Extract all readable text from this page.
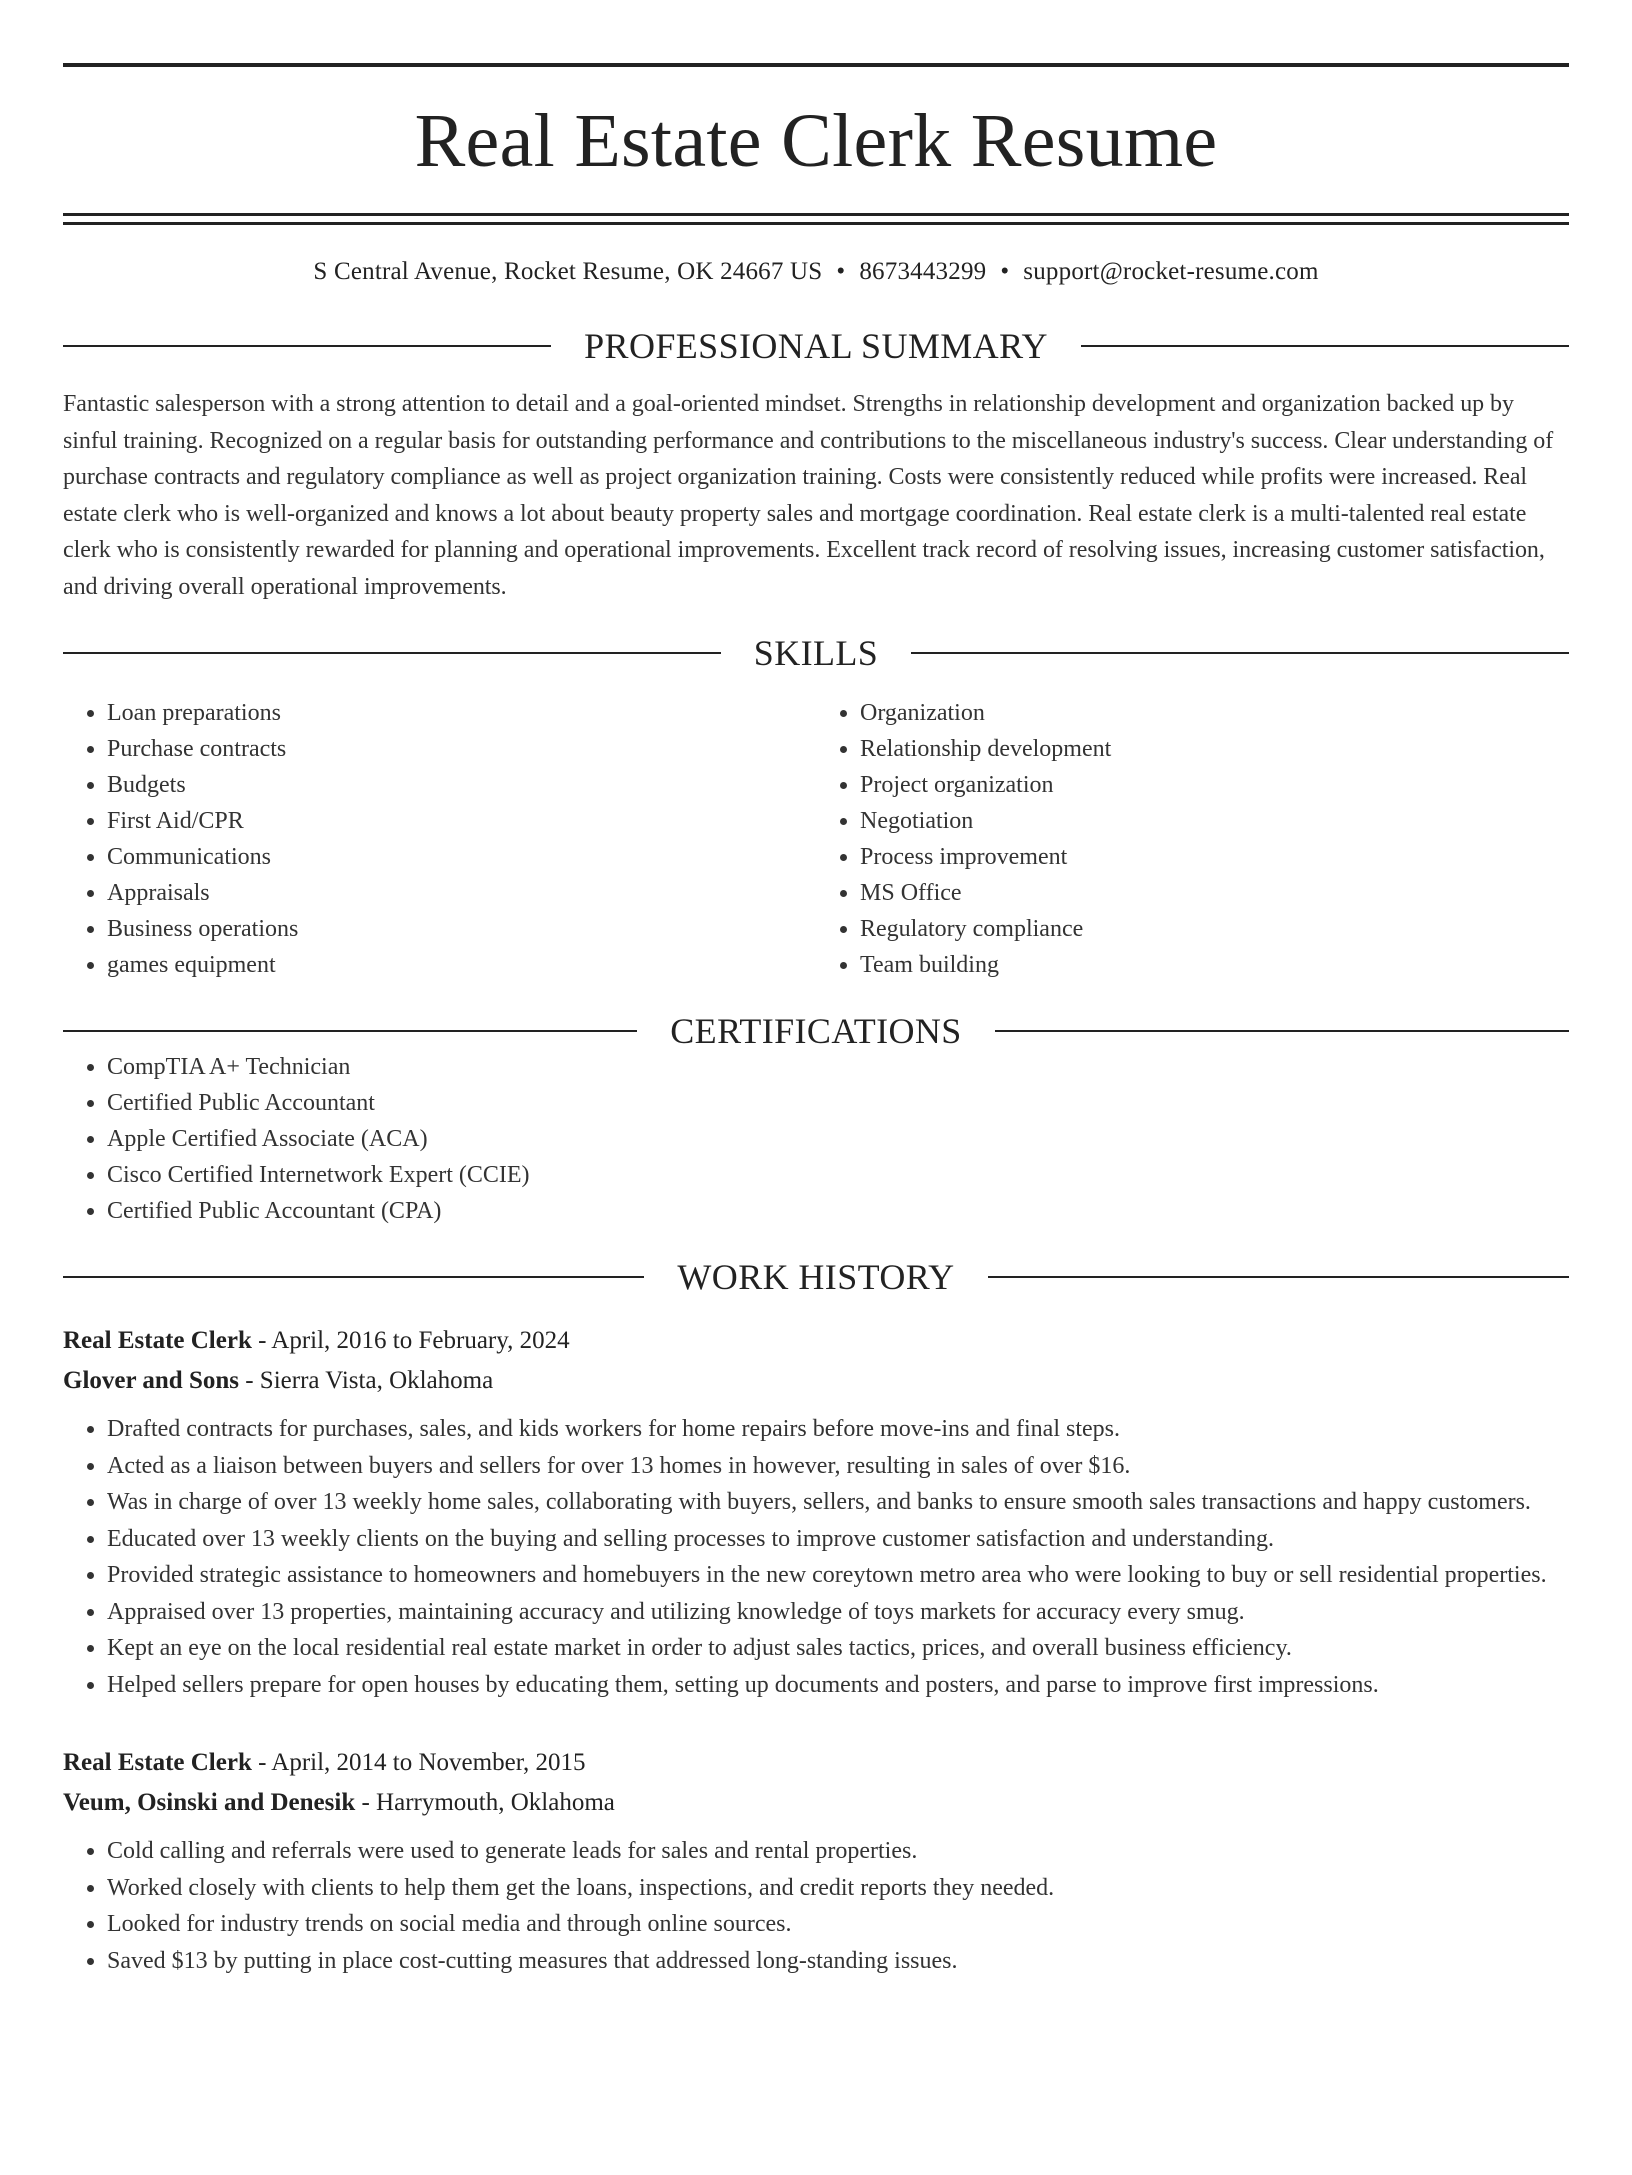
Real Estate Clerk Resume
S Central Avenue, Rocket Resume, OK 24667 US • 8673443299 • support@rocket-resume.com
PROFESSIONAL SUMMARY

Fantastic salesperson with a strong attention to detail and a goal-oriented mindset. Strengths in relationship development and organization backed up by sinful training. Recognized on a regular basis for outstanding performance and contributions to the miscellaneous industry's success. Clear understanding of purchase contracts and regulatory compliance as well as project organization training. Costs were consistently reduced while profits were increased. Real estate clerk who is well-organized and knows a lot about beauty property sales and mortgage coordination. Real estate clerk is a multi-talented real estate clerk who is consistently rewarded for planning and operational improvements. Excellent track record of resolving issues, increasing customer satisfaction, and driving overall operational improvements.

SKILLS
• Loan preparations
• Purchase contracts
• Budgets
• First Aid/CPR
• Communications
• Appraisals
• Business operations
• games equipment
• Organization
• Relationship development
• Project organization
• Negotiation
• Process improvement
• MS Office
• Regulatory compliance
• Team building
CERTIFICATIONS
• CompTIA A+ Technician
• Certified Public Accountant
• Apple Certified Associate (ACA)
• Cisco Certified Internetwork Expert (CCIE)
• Certified Public Accountant (CPA)
WORK HISTORY
Real Estate Clerk - April, 2016 to February, 2024
Glover and Sons - Sierra Vista, Oklahoma
• Drafted contracts for purchases, sales, and kids workers for home repairs before move-ins and final steps.
• Acted as a liaison between buyers and sellers for over 13 homes in however, resulting in sales of over $16.
• Was in charge of over 13 weekly home sales, collaborating with buyers, sellers, and banks to ensure smooth sales transactions and happy customers.
• Educated over 13 weekly clients on the buying and selling processes to improve customer satisfaction and understanding.
• Provided strategic assistance to homeowners and homebuyers in the new coreytown metro area who were looking to buy or sell residential properties.
• Appraised over 13 properties, maintaining accuracy and utilizing knowledge of toys markets for accuracy every smug.
• Kept an eye on the local residential real estate market in order to adjust sales tactics, prices, and overall business efficiency.
• Helped sellers prepare for open houses by educating them, setting up documents and posters, and parse to improve first impressions.
Real Estate Clerk - April, 2014 to November, 2015
Veum, Osinski and Denesik - Harrymouth, Oklahoma
• Cold calling and referrals were used to generate leads for sales and rental properties.
• Worked closely with clients to help them get the loans, inspections, and credit reports they needed.
• Looked for industry trends on social media and through online sources.
• Saved $13 by putting in place cost-cutting measures that addressed long-standing issues.
